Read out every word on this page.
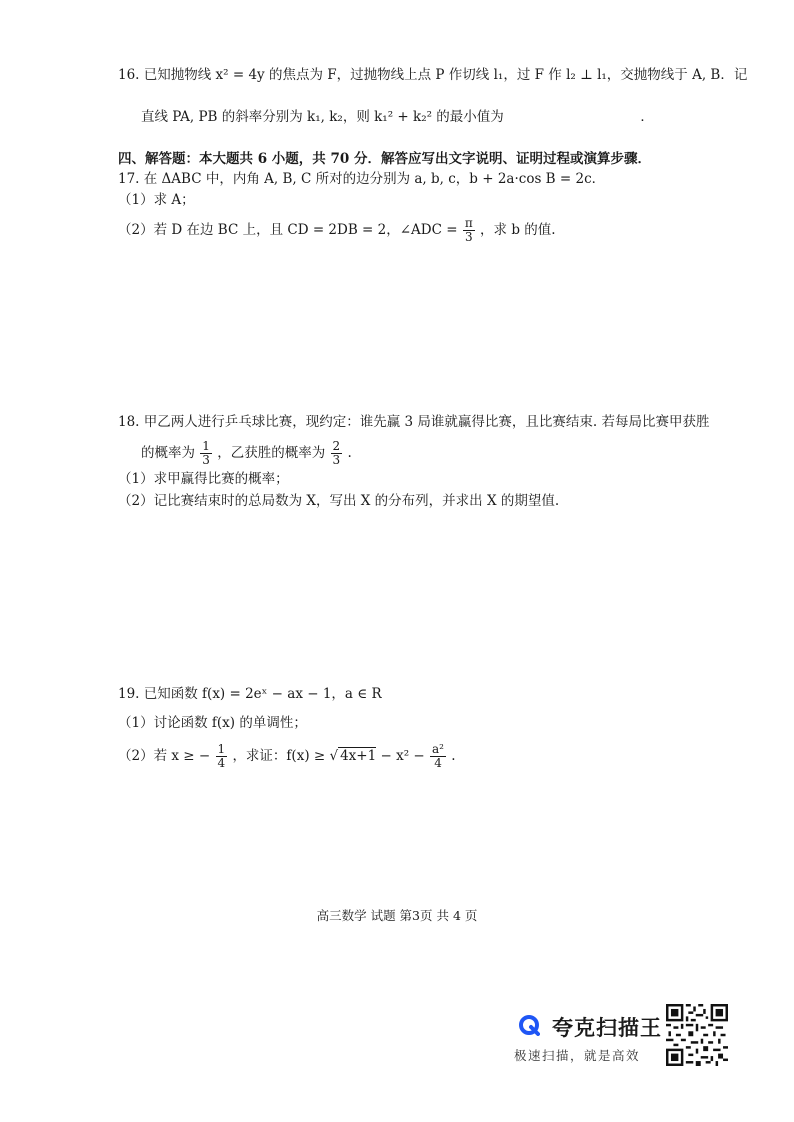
16. 已知抛物线 x² = 4y 的焦点为 F，过抛物线上点 P 作切线 l₁，过 F 作 l₂ ⊥ l₁，交抛物线于 A, B．记
直线 PA, PB 的斜率分别为 k₁, k₂，则 k₁² + k₂² 的最小值为	．
四、解答题：本大题共 6 小题，共 70 分．解答应写出文字说明、证明过程或演算步骤．
17. 在 ΔABC 中，内角 A, B, C 所对的边分别为 a, b, c，b + 2a·cos B = 2c．
（1）求 A；
（2）若 D 在边 BC 上，且 CD = 2DB = 2，∠ADC = $\frac{\pi}{3}$ ，求 b 的值.
18. 甲乙两人进行乒乓球比赛，现约定：谁先赢 3 局谁就赢得比赛，且比赛结束. 若每局比赛甲获胜
的概率为 $\frac{1}{3}$ ，乙获胜的概率为 $\frac{2}{3}$ .
（1）求甲赢得比赛的概率；
（2）记比赛结束时的总局数为 X，写出 X 的分布列，并求出 X 的期望值.
19. 已知函数 f(x) = 2eˣ − ax − 1，a ∈ R
（1）讨论函数 f(x) 的单调性；
（2）若 x ≥ − $\frac{1}{4}$ ，求证：f(x) ≥ √ $4x+1 - x^2 - \frac{\text{a²}}{4}$ .
高三数学 试题 第3页 共 4 页
夸克扫描王
极速扫描，就是高效
